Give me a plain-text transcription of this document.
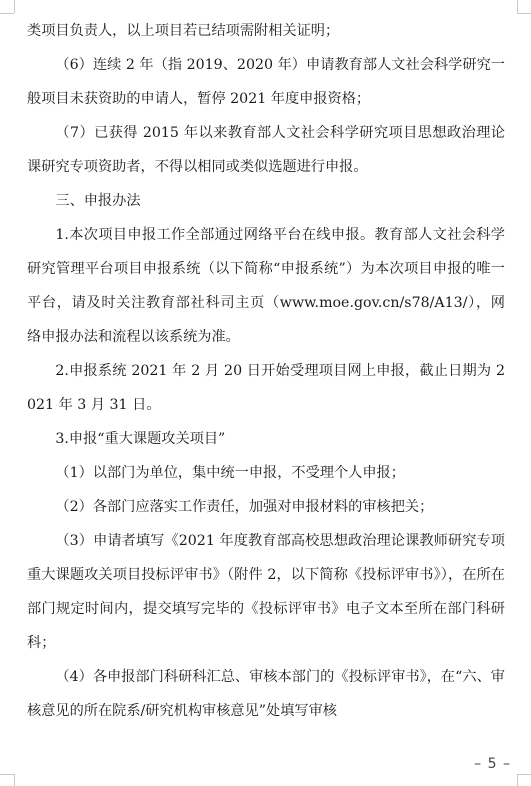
类项目负责人，以上项目若已结项需附相关证明；

（6）连续 2 年（指 2019、2020 年）申请教育部人文社会科学研究一般项目未获资助的申请人，暂停 2021 年度申报资格；

（7）已获得 2015 年以来教育部人文社会科学研究项目思想政治理论课研究专项资助者，不得以相同或类似选题进行申报。

三、申报办法

1.本次项目申报工作全部通过网络平台在线申报。教育部人文社会科学研究管理平台项目申报系统（以下简称“申报系统”）为本次项目申报的唯一平台，请及时关注教育部社科司主页（www.moe.gov.cn/s78/A13/），网络申报办法和流程以该系统为准。

2.申报系统 2021 年 2 月 20 日开始受理项目网上申报，截止日期为 2021 年 3 月 31 日。

3.申报“重大课题攻关项目”

（1）以部门为单位，集中统一申报，不受理个人申报；

（2）各部门应落实工作责任，加强对申报材料的审核把关；

（3）申请者填写《2021 年度教育部高校思想政治理论课教师研究专项重大课题攻关项目投标评审书》（附件 2，以下简称《投标评审书》），在所在部门规定时间内，提交填写完毕的《投标评审书》电子文本至所在部门科研科；

（4）各申报部门科研科汇总、审核本部门的《投标评审书》，在“六、审核意见的所在院系/研究机构审核意见”处填写审核

– 5 –
